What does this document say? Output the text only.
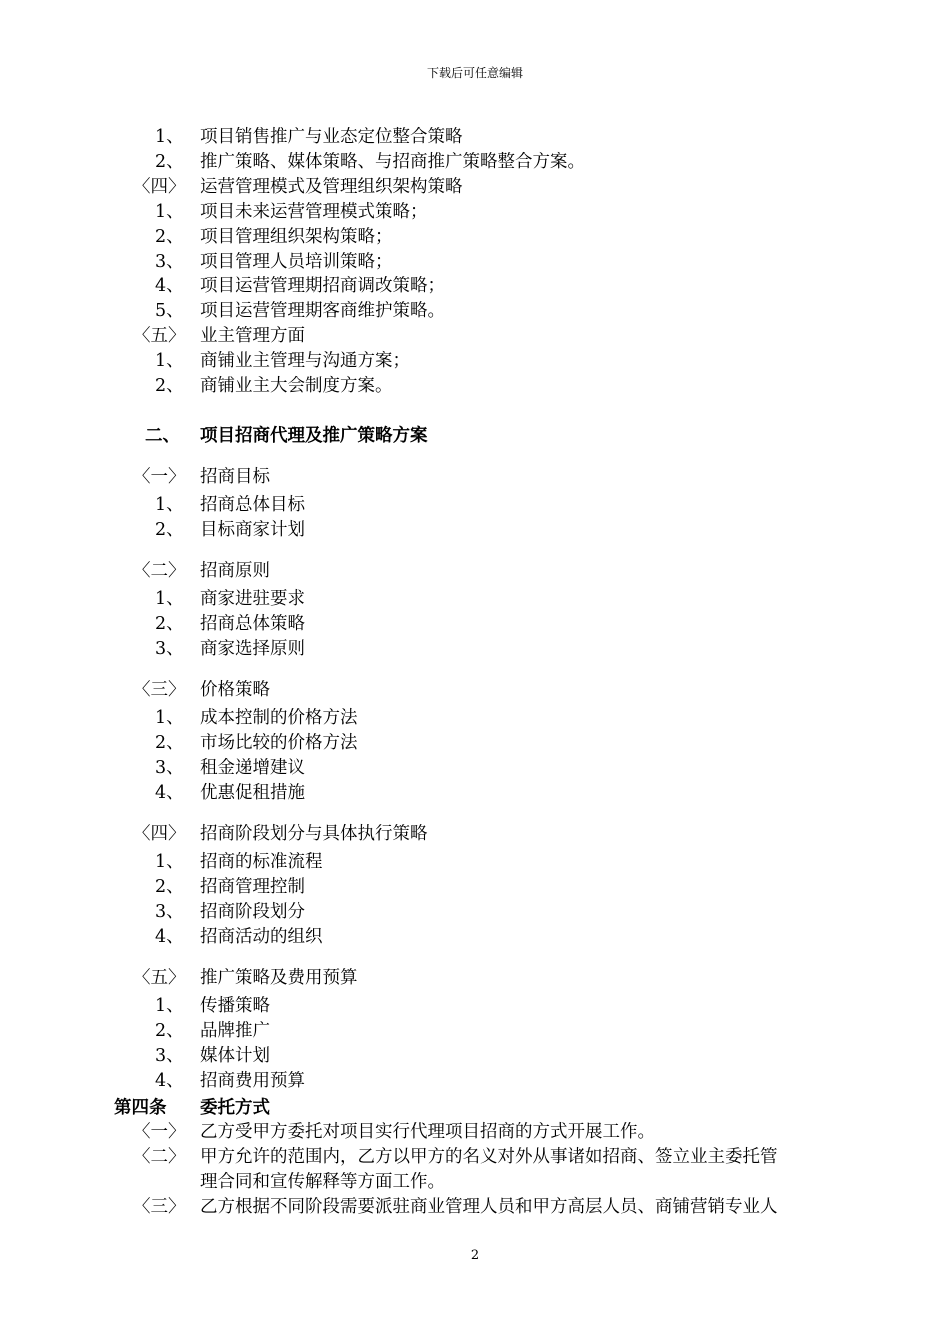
下载后可任意编辑
1、 项目销售推广与业态定位整合策略
2、 推广策略、媒体策略、与招商推广策略整合方案。
〈四〉 运营管理模式及管理组织架构策略
1、 项目未来运营管理模式策略；
2、 项目管理组织架构策略；
3、 项目管理人员培训策略；
4、 项目运营管理期招商调改策略；
5、 项目运营管理期客商维护策略。
〈五〉 业主管理方面
1、 商铺业主管理与沟通方案；
2、 商铺业主大会制度方案。
二、 项目招商代理及推广策略方案
〈一〉 招商目标
1、 招商总体目标
2、 目标商家计划
〈二〉 招商原则
1、 商家进驻要求
2、 招商总体策略
3、 商家选择原则
〈三〉 价格策略
1、 成本控制的价格方法
2、 市场比较的价格方法
3、 租金递增建议
4、 优惠促租措施
〈四〉 招商阶段划分与具体执行策略
1、 招商的标准流程
2、 招商管理控制
3、 招商阶段划分
4、 招商活动的组织
〈五〉 推广策略及费用预算
1、 传播策略
2、 品牌推广
3、 媒体计划
4、 招商费用预算
第四条 委托方式
〈一〉 乙方受甲方委托对项目实行代理项目招商的方式开展工作。
〈二〉 甲方允许的范围内，乙方以甲方的名义对外从事诸如招商、签立业主委托管
理合同和宣传解释等方面工作。
〈三〉 乙方根据不同阶段需要派驻商业管理人员和甲方高层人员、商铺营销专业人
2
